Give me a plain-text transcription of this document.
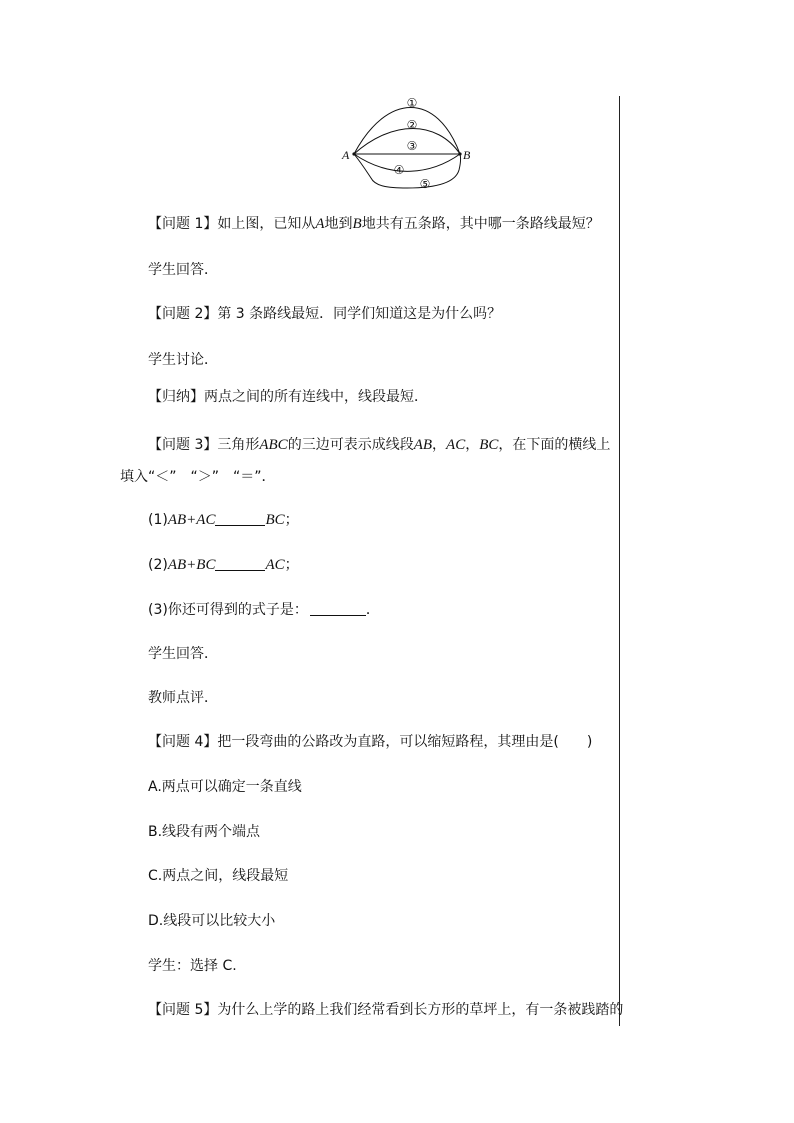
A	B
①
②
③
④
⑤
【问题 1】如上图，已知从A地到B地共有五条路，其中哪一条路线最短？
学生回答．
【问题 2】第 3 条路线最短．同学们知道这是为什么吗？
学生讨论．
【归纳】两点之间的所有连线中，线段最短．
【问题 3】三角形ABC的三边可表示成线段AB，AC，BC，在下面的横线上
填入“＜”　“＞”　“＝”．
(1)AB+AC	BC；
(2)AB+BC	AC；
(3)你还可得到的式子是：	．
学生回答．
教师点评．
【问题 4】把一段弯曲的公路改为直路，可以缩短路程，其理由是(　　)
A.两点可以确定一条直线
B.线段有两个端点
C.两点之间，线段最短
D.线段可以比较大小
学生：选择 C.
【问题 5】为什么上学的路上我们经常看到长方形的草坪上，有一条被践踏的
